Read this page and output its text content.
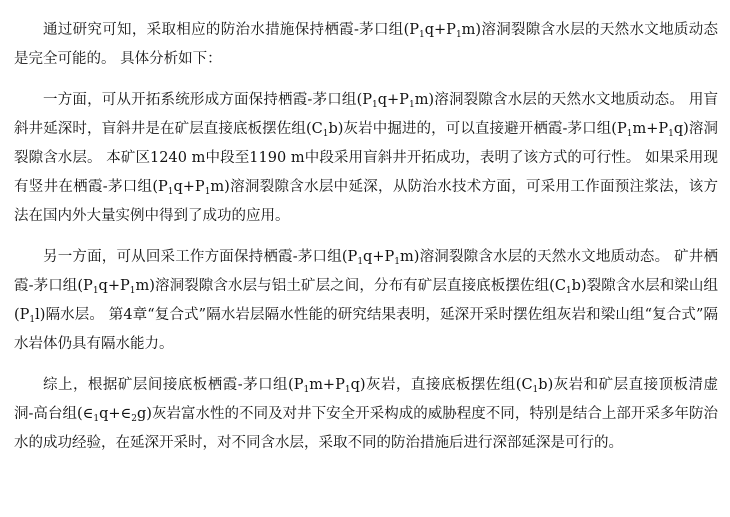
通过研究可知，采取相应的防治水措施保持栖霞-茅口组$(P_1q+P_1m)$溶洞裂隙含水层的天然水文地质动态是完全可能的。 具体分析如下：

一方面，可从开拓系统形成方面保持栖霞-茅口组$(P_1q+P_1m)$溶洞裂隙含水层的天然水文地质动态。 用盲斜井延深时，盲斜井是在矿层直接底板摆佐组$(C_1b)$灰岩中掘进的，可以直接避开栖霞-茅口组$(P_1m+P_1q)$溶洞裂隙含水层。 本矿区1240 m中段至1190 m中段采用盲斜井开拓成功，表明了该方式的可行性。 如果采用现有竖井在栖霞-茅口组$(P_1q+P_1m)$溶洞裂隙含水层中延深，从防治水技术方面，可采用工作面预注浆法，该方法在国内外大量实例中得到了成功的应用。

另一方面，可从回采工作方面保持栖霞-茅口组$(P_1q+P_1m)$溶洞裂隙含水层的天然水文地质动态。 矿井栖霞-茅口组$(P_1q+P_1m)$溶洞裂隙含水层与铝土矿层之间，分布有矿层直接底板摆佐组$(C_1b)$裂隙含水层和梁山组$(P_1l)$隔水层。 第4章“复合式”隔水岩层隔水性能的研究结果表明，延深开采时摆佐组灰岩和梁山组“复合式”隔水岩体仍具有隔水能力。

综上，根据矿层间接底板栖霞-茅口组$(P_1m+P_1q)$灰岩，直接底板摆佐组$(C_1b)$灰岩和矿层直接顶板清虚洞-高台组$(\in_1q+\in_2g)$灰岩富水性的不同及对井下安全开采构成的威胁程度不同，特别是结合上部开采多年防治水的成功经验，在延深开采时，对不同含水层，采取不同的防治措施后进行深部延深是可行的。
